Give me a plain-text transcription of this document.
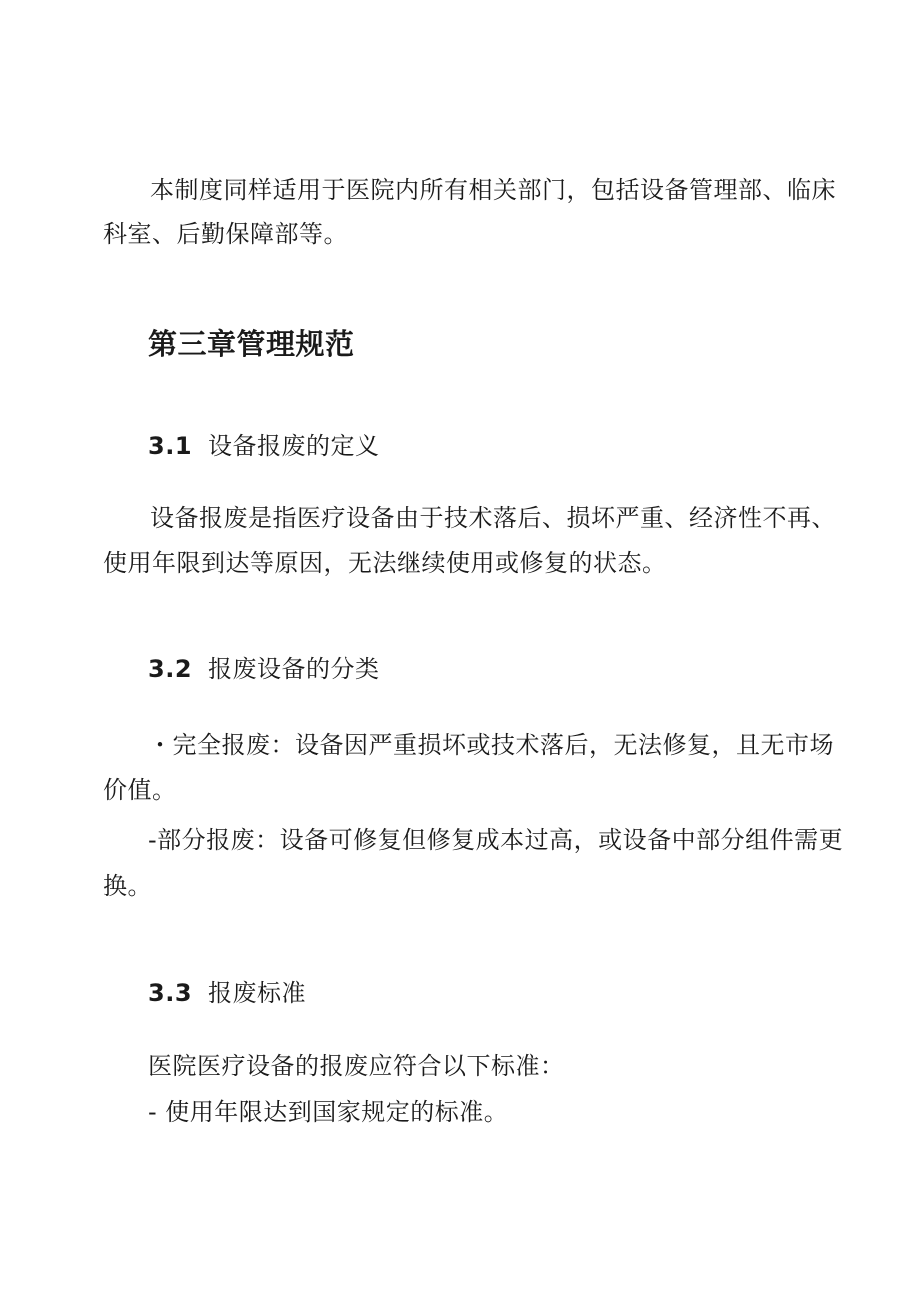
本制度同样适用于医院内所有相关部门，包括设备管理部、临床
科室、后勤保障部等。
第三章管理规范
3.1 设备报废的定义
设备报废是指医疗设备由于技术落后、损坏严重、经济性不再、
使用年限到达等原因，无法继续使用或修复的状态。
3.2 报废设备的分类
・完全报废：设备因严重损坏或技术落后，无法修复，且无市场
价值。
-部分报废：设备可修复但修复成本过高，或设备中部分组件需更
换。
3.3 报废标准
医院医疗设备的报废应符合以下标准：
- 使用年限达到国家规定的标准。
